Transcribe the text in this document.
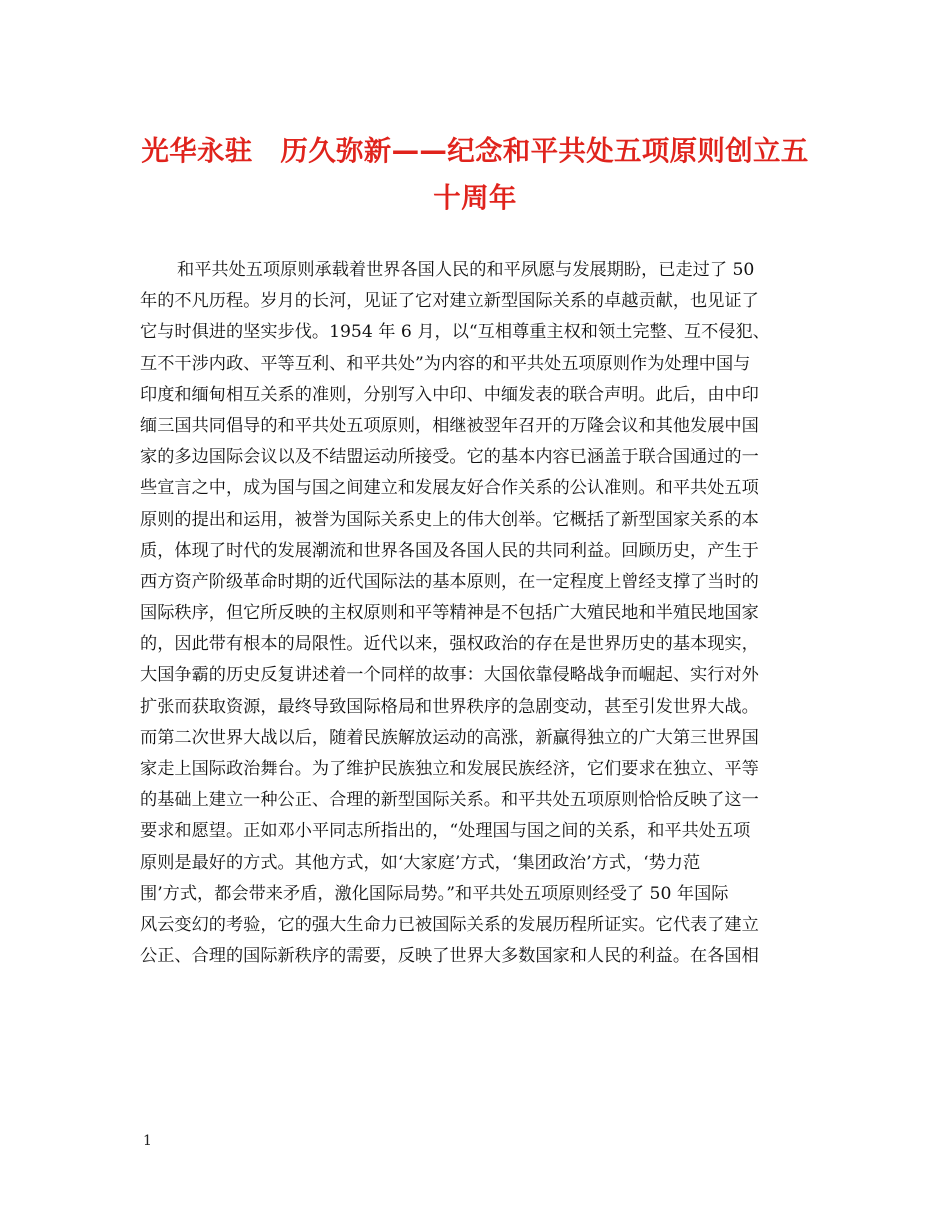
光华永驻　历久弥新——纪念和平共处五项原则创立五
十周年
和平共处五项原则承载着世界各国人民的和平夙愿与发展期盼，已走过了 50
年的不凡历程。岁月的长河，见证了它对建立新型国际关系的卓越贡献，也见证了
它与时俱进的坚实步伐。1954 年 6 月，以“互相尊重主权和领土完整、互不侵犯、
互不干涉内政、平等互利、和平共处”为内容的和平共处五项原则作为处理中国与
印度和缅甸相互关系的准则，分别写入中印、中缅发表的联合声明。此后，由中印
缅三国共同倡导的和平共处五项原则，相继被翌年召开的万隆会议和其他发展中国
家的多边国际会议以及不结盟运动所接受。它的基本内容已涵盖于联合国通过的一
些宣言之中，成为国与国之间建立和发展友好合作关系的公认准则。和平共处五项
原则的提出和运用，被誉为国际关系史上的伟大创举。它概括了新型国家关系的本
质，体现了时代的发展潮流和世界各国及各国人民的共同利益。回顾历史，产生于
西方资产阶级革命时期的近代国际法的基本原则，在一定程度上曾经支撑了当时的
国际秩序，但它所反映的主权原则和平等精神是不包括广大殖民地和半殖民地国家
的，因此带有根本的局限性。近代以来，强权政治的存在是世界历史的基本现实，
大国争霸的历史反复讲述着一个同样的故事：大国依靠侵略战争而崛起、实行对外
扩张而获取资源，最终导致国际格局和世界秩序的急剧变动，甚至引发世界大战。
而第二次世界大战以后，随着民族解放运动的高涨，新赢得独立的广大第三世界国
家走上国际政治舞台。为了维护民族独立和发展民族经济，它们要求在独立、平等
的基础上建立一种公正、合理的新型国际关系。和平共处五项原则恰恰反映了这一
要求和愿望。正如邓小平同志所指出的，“处理国与国之间的关系，和平共处五项
原则是最好的方式。其他方式，如‘大家庭’方式，‘集团政治’方式，‘势力范
围’方式，都会带来矛盾，激化国际局势。”和平共处五项原则经受了 50 年国际
风云变幻的考验，它的强大生命力已被国际关系的发展历程所证实。它代表了建立
公正、合理的国际新秩序的需要，反映了世界大多数国家和人民的利益。在各国相
1
